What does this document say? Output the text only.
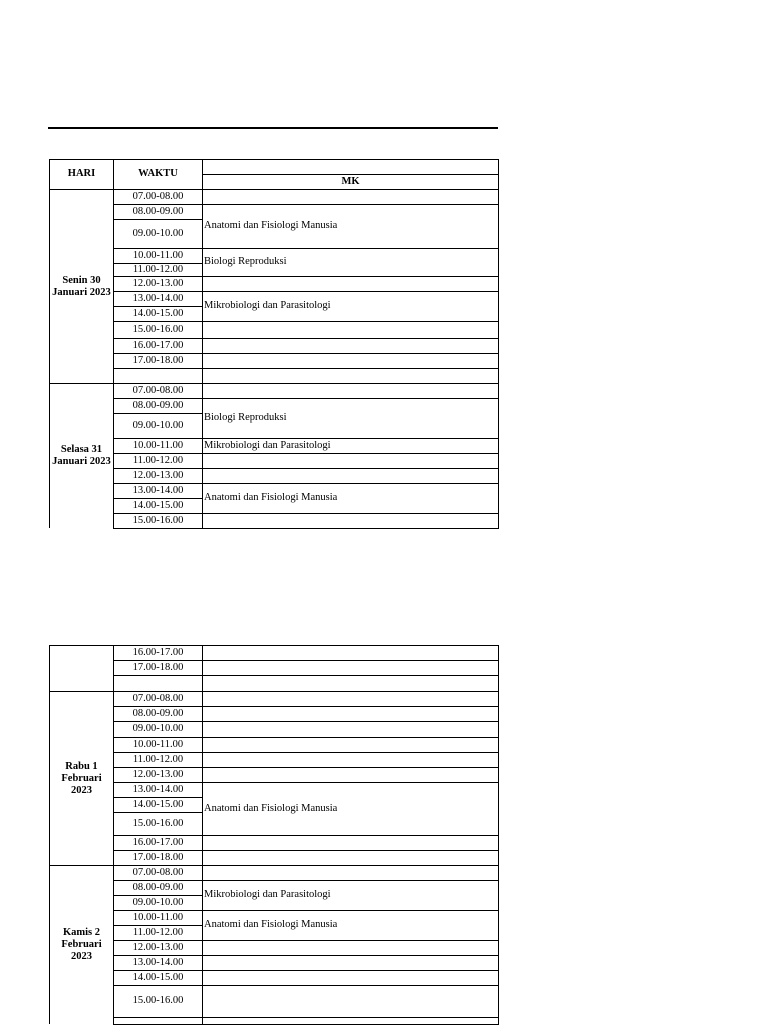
HARI	WAKTU
MK
07.00-08.00
08.00-09.00
09.00-10.00
10.00-11.00
11.00-12.00
12.00-13.00
13.00-14.00
14.00-15.00
15.00-16.00
16.00-17.00
17.00-18.00
07.00-08.00
08.00-09.00
09.00-10.00
10.00-11.00
11.00-12.00
12.00-13.00
13.00-14.00
14.00-15.00
15.00-16.00
Anatomi dan Fisiologi Manusia
Biologi Reproduksi
Mikrobiologi dan Parasitologi
Biologi Reproduksi
Mikrobiologi dan Parasitologi
Anatomi dan Fisiologi Manusia
Senin 30 Januari 2023
Selasa 31 Januari 2023
16.00-17.00
17.00-18.00
07.00-08.00
08.00-09.00
09.00-10.00
10.00-11.00
11.00-12.00
12.00-13.00
13.00-14.00
14.00-15.00
15.00-16.00
16.00-17.00
17.00-18.00
07.00-08.00
08.00-09.00
09.00-10.00
10.00-11.00
11.00-12.00
12.00-13.00
13.00-14.00
14.00-15.00
15.00-16.00
Anatomi dan Fisiologi Manusia
Mikrobiologi dan Parasitologi
Anatomi dan Fisiologi Manusia
Rabu 1 Februari 2023
Kamis 2 Februari 2023
